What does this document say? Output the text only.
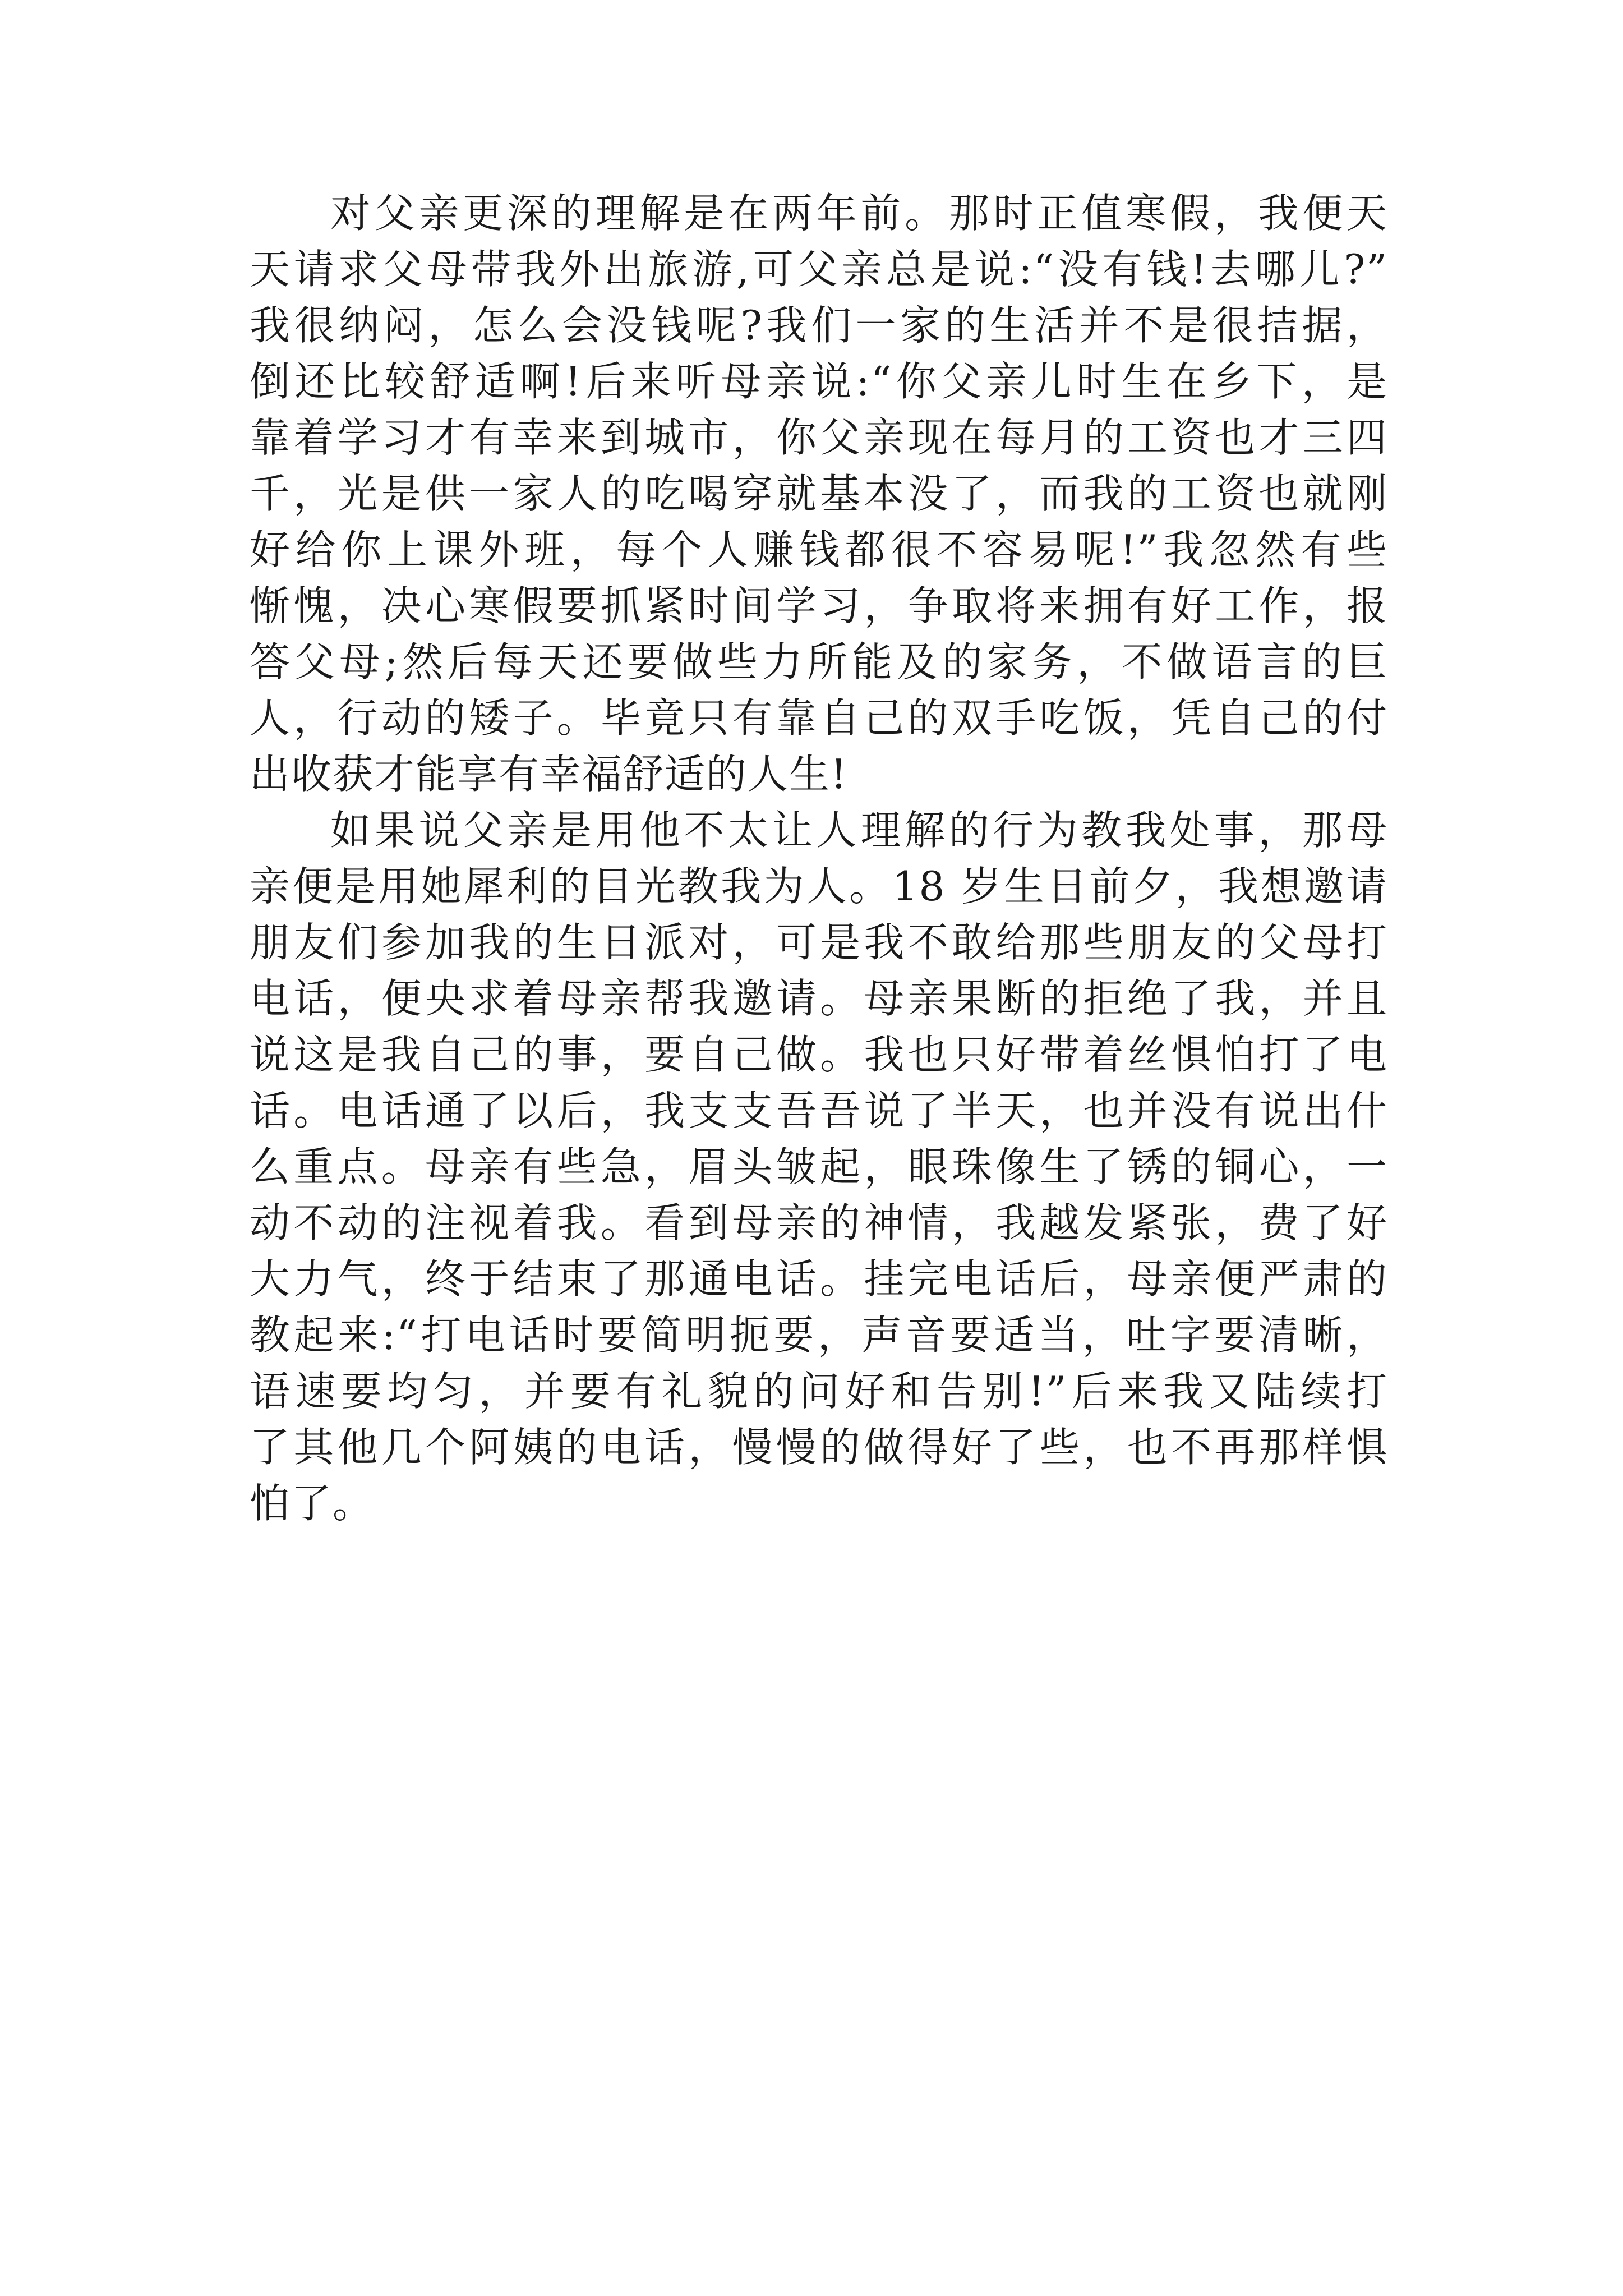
对父亲更深的理解是在两年前。那时正值寒假，我便天
天请求父母带我外出旅游,可父亲总是说:“没有钱!去哪儿?”
我很纳闷，怎么会没钱呢?我们一家的生活并不是很拮据，
倒还比较舒适啊!后来听母亲说:“你父亲儿时生在乡下，是
靠着学习才有幸来到城市，你父亲现在每月的工资也才三四
千，光是供一家人的吃喝穿就基本没了，而我的工资也就刚
好给你上课外班，每个人赚钱都很不容易呢!”我忽然有些
惭愧，决心寒假要抓紧时间学习，争取将来拥有好工作，报
答父母;然后每天还要做些力所能及的家务，不做语言的巨
人，行动的矮子。毕竟只有靠自己的双手吃饭，凭自己的付
出收获才能享有幸福舒适的人生!
如果说父亲是用他不太让人理解的行为教我处事，那母
亲便是用她犀利的目光教我为人。18 岁生日前夕，我想邀请
朋友们参加我的生日派对，可是我不敢给那些朋友的父母打
电话，便央求着母亲帮我邀请。母亲果断的拒绝了我，并且
说这是我自己的事，要自己做。我也只好带着丝惧怕打了电
话。电话通了以后，我支支吾吾说了半天，也并没有说出什
么重点。母亲有些急，眉头皱起，眼珠像生了锈的铜心，一
动不动的注视着我。看到母亲的神情，我越发紧张，费了好
大力气，终于结束了那通电话。挂完电话后，母亲便严肃的
教起来:“打电话时要简明扼要，声音要适当，吐字要清晰，
语速要均匀，并要有礼貌的问好和告别!”后来我又陆续打
了其他几个阿姨的电话，慢慢的做得好了些，也不再那样惧
怕了。
